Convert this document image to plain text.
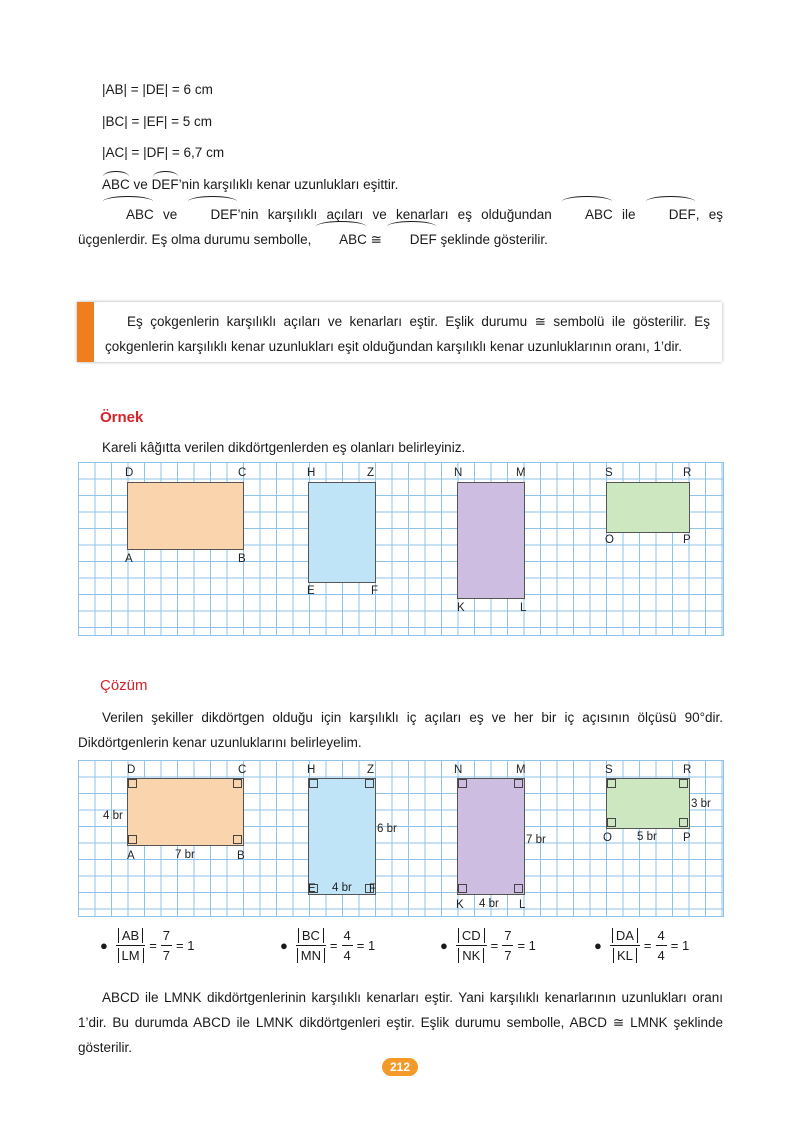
|AB| = |DE| = 6 cm
|BC| = |EF| = 5 cm
|AC| = |DF| = 6,7 cm
ABC ve DEF’nin karşılıklı kenar uzunlukları eşittir.
ABC ve DEF’nin karşılıklı açıları ve kenarları eş olduğundan ABC ile DEF, eş üçgenlerdir. Eş olma durumu sembolle, ABC ≅ DEF şeklinde gösterilir.
Eş çokgenlerin karşılıklı açıları ve kenarları eştir. Eşlik durumu ≅ sembolü ile gösterilir. Eş çokgenlerin karşılıklı kenar uzunlukları eşit olduğundan karşılıklı kenar uzunluklarının oranı, 1’dir.
Örnek
Kareli kâğıtta verilen dikdörtgenlerden eş olanları belirleyiniz.
D	C
A	B
H	Z
E	F
N	M
K	L
S	R
O	P
Çözüm
Verilen şekiller dikdörtgen olduğu için karşılıklı iç açıları eş ve her bir iç açısının ölçüsü 90°dir. Dikdörtgenlerin kenar uzunluklarını belirleyelim.
D	C
A	B
7 br
4 br
H	Z
E	F
4 br
6 br
N	M
K	L
4 br
7 br
S	R
O	P
5 br
3 br
● $\frac{AB}{LM} = \frac{7}{7} = 1$	● $\frac{BC}{MN} = \frac{4}{4} = 1$	● $\frac{CD}{NK} = \frac{7}{7} = 1$	● $\frac{DA}{KL} = \frac{4}{4} = 1$
ABCD ile LMNK dikdörtgenlerinin karşılıklı kenarları eştir. Yani karşılıklı kenarlarının uzunlukları oranı 1’dir. Bu durumda ABCD ile LMNK dikdörtgenleri eştir. Eşlik durumu sembolle, ABCD ≅ LMNK şeklinde gösterilir.
212
